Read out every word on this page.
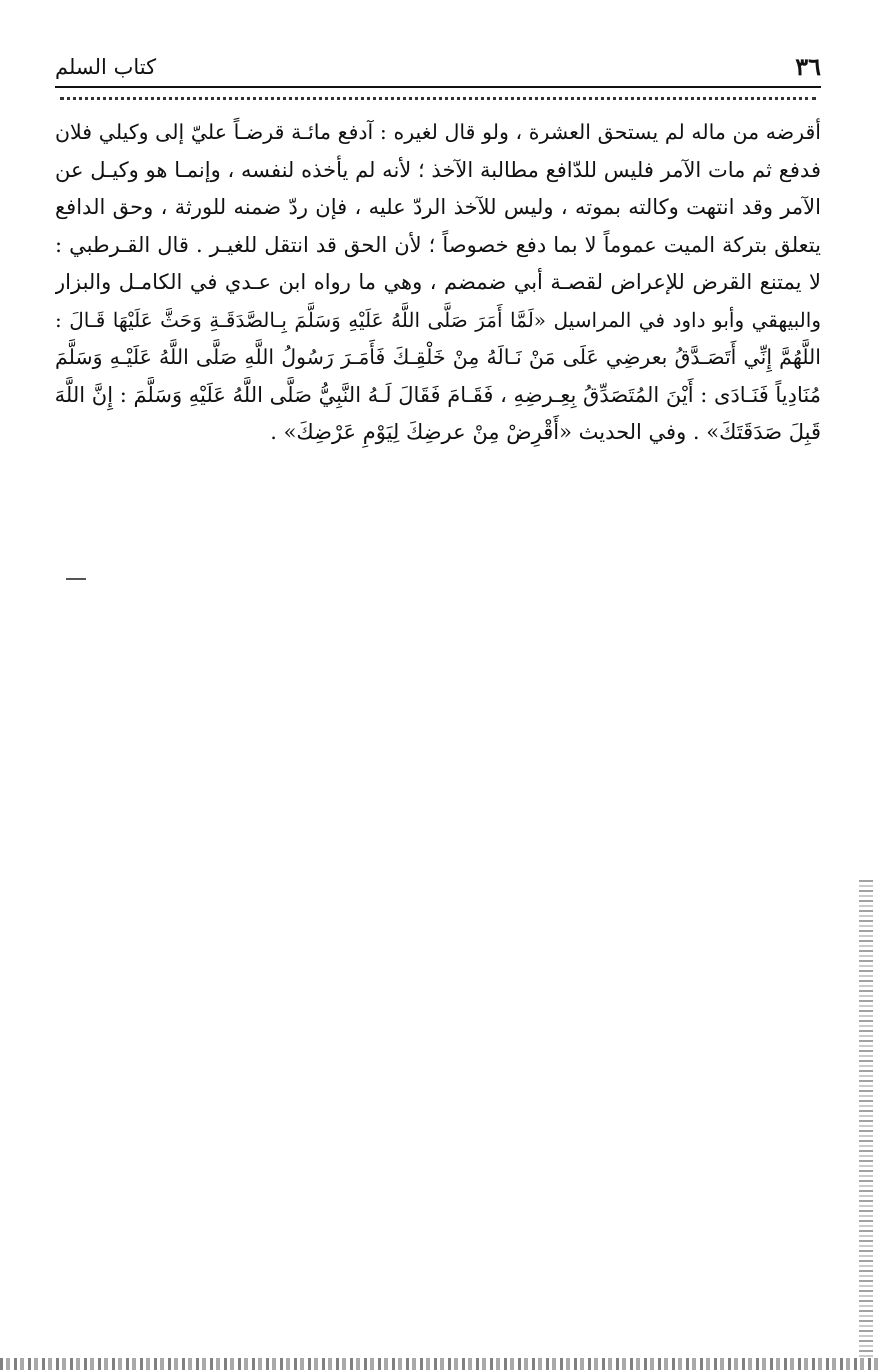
٣٦
كتاب السلم
أقرضه من ماله لم يستحق العشرة ، ولو قال لغيره : آدفع مائـة قرضـاً عليّ إلى وكيلي فلان
فدفع ثم مات الآمر فليس للدّافع مطالبة الآخذ ؛ لأنه لم يأخذه لنفسه ، وإنمـا هو وكيـل عن
الآمر وقد انتهت وكالته بموته ، وليس للآخذ الردّ عليه ، فإن ردّ ضمنه للورثة ، وحق الدافع
يتعلق بتركة الميت عموماً لا بما دفع خصوصاً ؛ لأن الحق قد انتقل للغيـر . قال القـرطبي :
لا يمتنع القرض للإعراض لقصـة أبي ضمضم ، وهي ما رواه ابن عـدي في الكامـل والبزار
والبيهقي وأبو داود في المراسيل «لَمَّا أَمَرَ صَلَّى اللَّهُ عَلَيْهِ وَسَلَّمَ بِـالصَّدَقَـةِ وَحَثَّ عَلَيْهَا قَـالَ :
اللَّهُمَّ إِنِّي أَتَصَـدَّقُ بعرضِي عَلَى مَنْ نَـالَهُ مِنْ خَلْقِـكَ فَأَمَـرَ رَسُولُ اللَّهِ صَلَّى اللَّهُ عَلَيْـهِ وَسَلَّمَ
مُنَادِياً فَنَـادَى : أَيْنَ المُتَصَدِّقُ بِعِـرضِهِ ، فَقَـامَ فَقَالَ لَـهُ النَّبِيُّ صَلَّى اللَّهُ عَلَيْهِ وَسَلَّمَ : إِنَّ اللَّهَ
قَبِلَ صَدَقَتَكَ» . وفي الحديث «أَقْرِضْ مِنْ عرضِكَ لِيَوْمِ عَرْضِكَ» .
